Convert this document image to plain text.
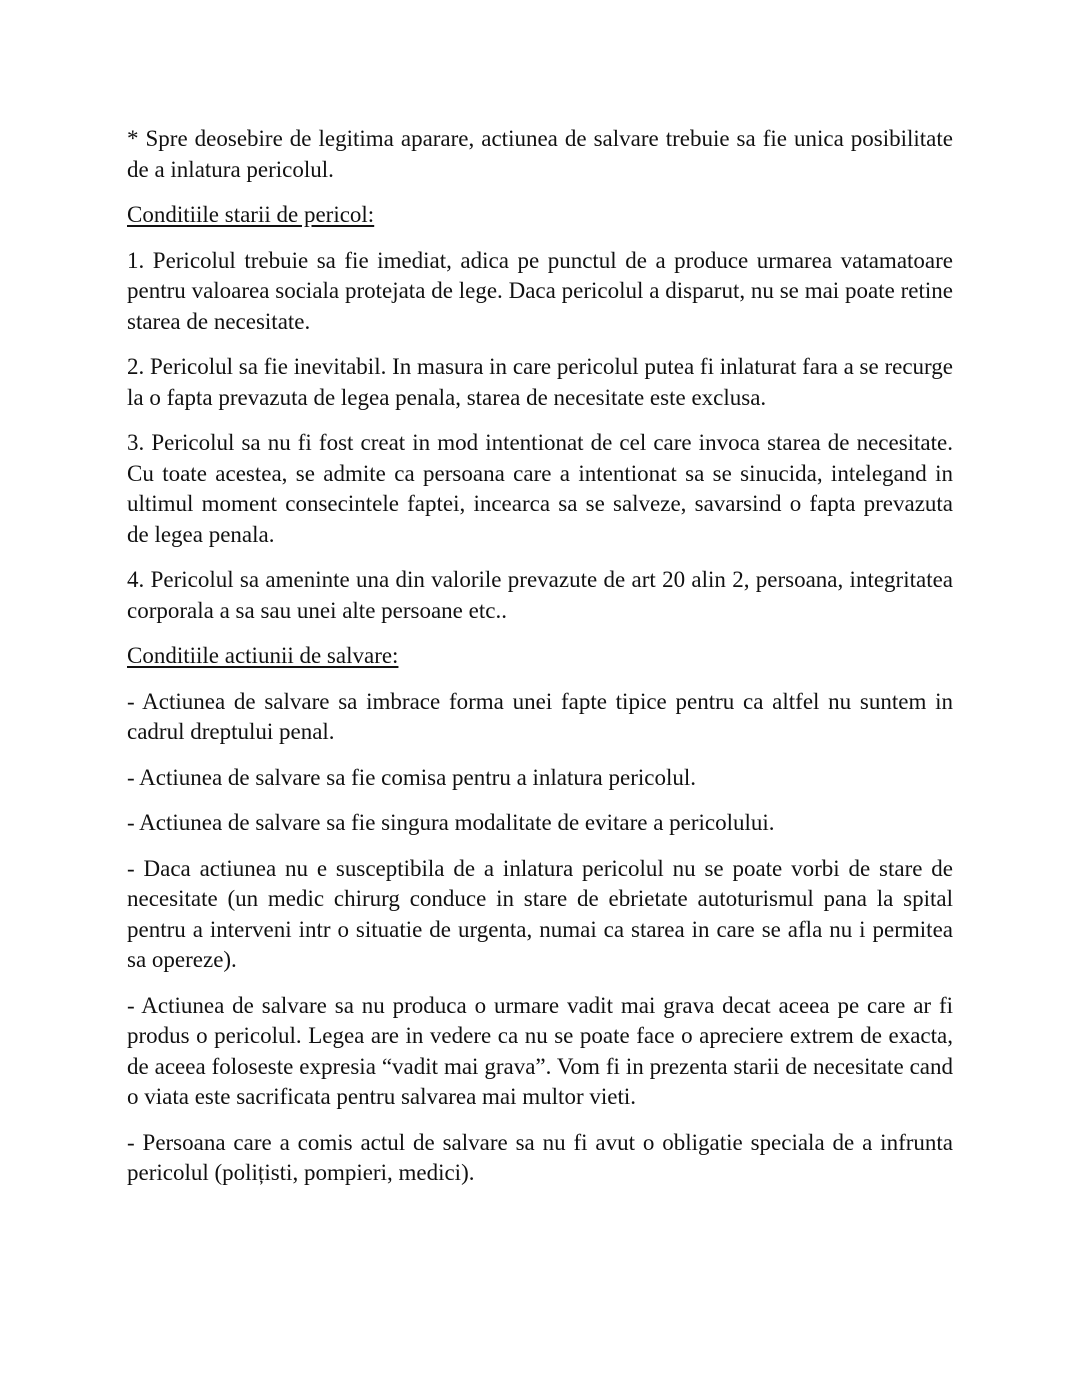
* Spre deosebire de legitima aparare, actiunea de salvare trebuie sa fie unica posibilitate de a inlatura pericolul.

Conditiile starii de pericol:

1. Pericolul trebuie sa fie imediat, adica pe punctul de a produce urmarea vatamatoare pentru valoarea sociala protejata de lege. Daca pericolul a disparut, nu se mai poate retine starea de necesitate.

2. Pericolul sa fie inevitabil. In masura in care pericolul putea fi inlaturat fara a se recurge la o fapta prevazuta de legea penala, starea de necesitate este exclusa.

3. Pericolul sa nu fi fost creat in mod intentionat de cel care invoca starea de necesitate. Cu toate acestea, se admite ca persoana care a intentionat sa se sinucida, intelegand in ultimul moment consecintele faptei, incearca sa se salveze, savarsind o fapta prevazuta de legea penala.

4. Pericolul sa ameninte una din valorile prevazute de art 20 alin 2, persoana, integritatea corporala a sa sau unei alte persoane etc..

Conditiile actiunii de salvare:

- Actiunea de salvare sa imbrace forma unei fapte tipice pentru ca altfel nu suntem in cadrul dreptului penal.

- Actiunea de salvare sa fie comisa pentru a inlatura pericolul.

- Actiunea de salvare sa fie singura modalitate de evitare a pericolului.

- Daca actiunea nu e susceptibila de a inlatura pericolul nu se poate vorbi de stare de necesitate (un medic chirurg conduce in stare de ebrietate autoturismul pana la spital pentru a interveni intr o situatie de urgenta, numai ca starea in care se afla nu i permitea sa opereze).

- Actiunea de salvare sa nu produca o urmare vadit mai grava decat aceea pe care ar fi produs o pericolul. Legea are in vedere ca nu se poate face o apreciere extrem de exacta, de aceea foloseste expresia “vadit mai grava”. Vom fi in prezenta starii de necesitate cand o viata este sacrificata pentru salvarea mai multor vieti.

- Persoana care a comis actul de salvare sa nu fi avut o obligatie speciala de a infrunta pericolul (polițisti, pompieri, medici).
